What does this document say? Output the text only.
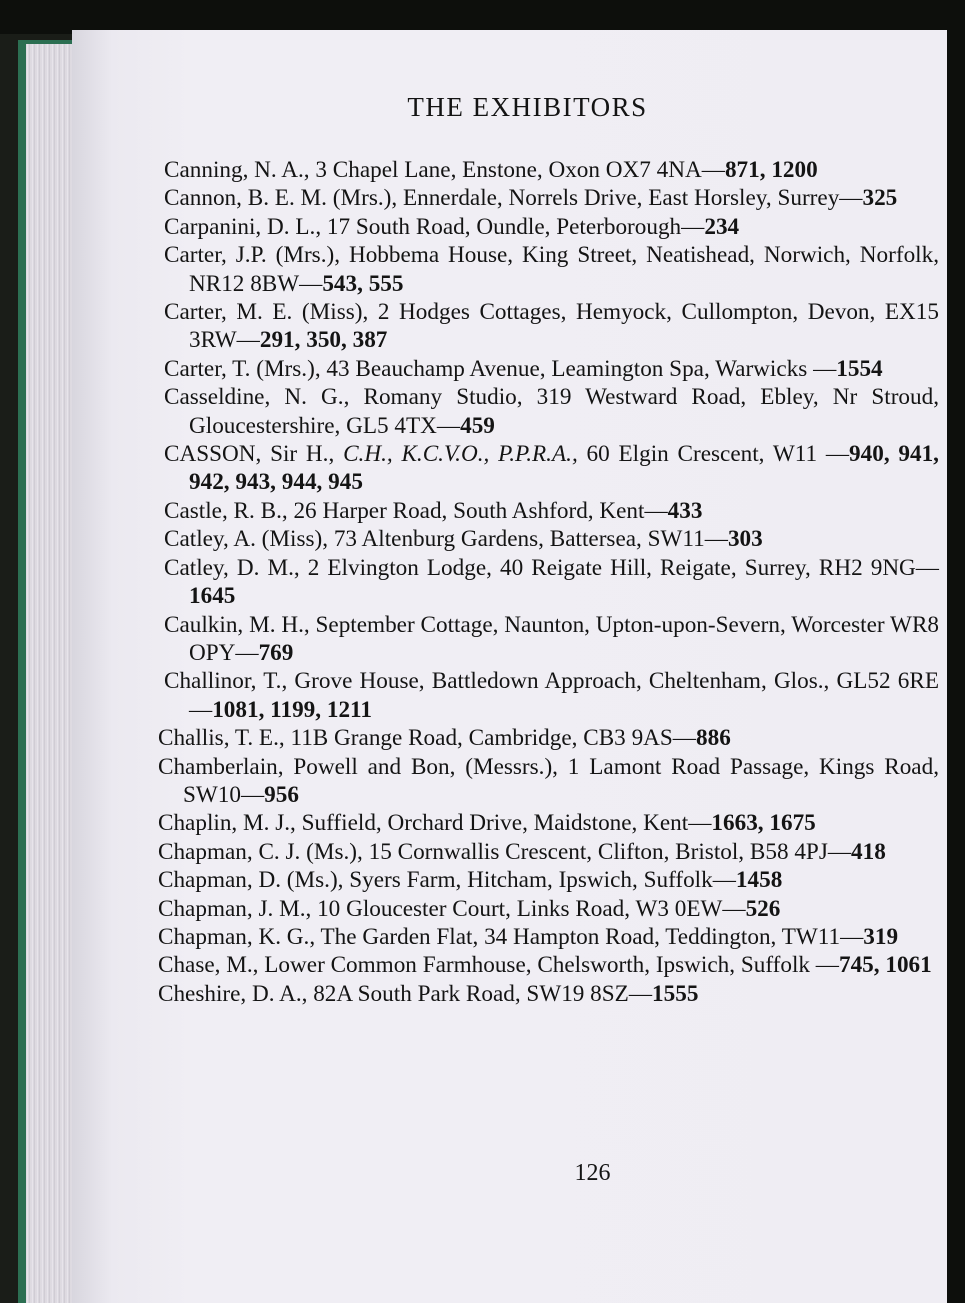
THE EXHIBITORS

Canning, N. A., 3 Chapel Lane, Enstone, Oxon OX7 4NA—871, 1200

Cannon, B. E. M. (Mrs.), Ennerdale, Norrels Drive, East Horsley, Surrey—325

Carpanini, D. L., 17 South Road, Oundle, Peterborough—234

Carter, J.P. (Mrs.), Hobbema House, King Street, Neatishead, Norwich, Norfolk, NR12 8BW—543, 555

Carter, M. E. (Miss), 2 Hodges Cottages, Hemyock, Cullompton, Devon, EX15 3RW—291, 350, 387

Carter, T. (Mrs.), 43 Beauchamp Avenue, Leamington Spa, Warwicks —1554

Casseldine, N. G., Romany Studio, 319 Westward Road, Ebley, Nr Stroud, Gloucestershire, GL5 4TX—459

CASSON, Sir H., C.H., K.C.V.O., P.P.R.A., 60 Elgin Crescent, W11 —940, 941, 942, 943, 944, 945

Castle, R. B., 26 Harper Road, South Ashford, Kent—433

Catley, A. (Miss), 73 Altenburg Gardens, Battersea, SW11—303

Catley, D. M., 2 Elvington Lodge, 40 Reigate Hill, Reigate, Surrey, RH2 9NG—1645

Caulkin, M. H., September Cottage, Naunton, Upton-upon-Severn, Worcester WR8 OPY—769

Challinor, T., Grove House, Battledown Approach, Cheltenham, Glos., GL52 6RE—1081, 1199, 1211

Challis, T. E., 11B Grange Road, Cambridge, CB3 9AS—886

Chamberlain, Powell and Bon, (Messrs.), 1 Lamont Road Passage, Kings Road, SW10—956

Chaplin, M. J., Suffield, Orchard Drive, Maidstone, Kent—1663, 1675

Chapman, C. J. (Ms.), 15 Cornwallis Crescent, Clifton, Bristol, B58 4PJ—418

Chapman, D. (Ms.), Syers Farm, Hitcham, Ipswich, Suffolk—1458

Chapman, J. M., 10 Gloucester Court, Links Road, W3 0EW—526

Chapman, K. G., The Garden Flat, 34 Hampton Road, Teddington, TW11—319

Chase, M., Lower Common Farmhouse, Chelsworth, Ipswich, Suffolk —745, 1061

Cheshire, D. A., 82A South Park Road, SW19 8SZ—1555

126
